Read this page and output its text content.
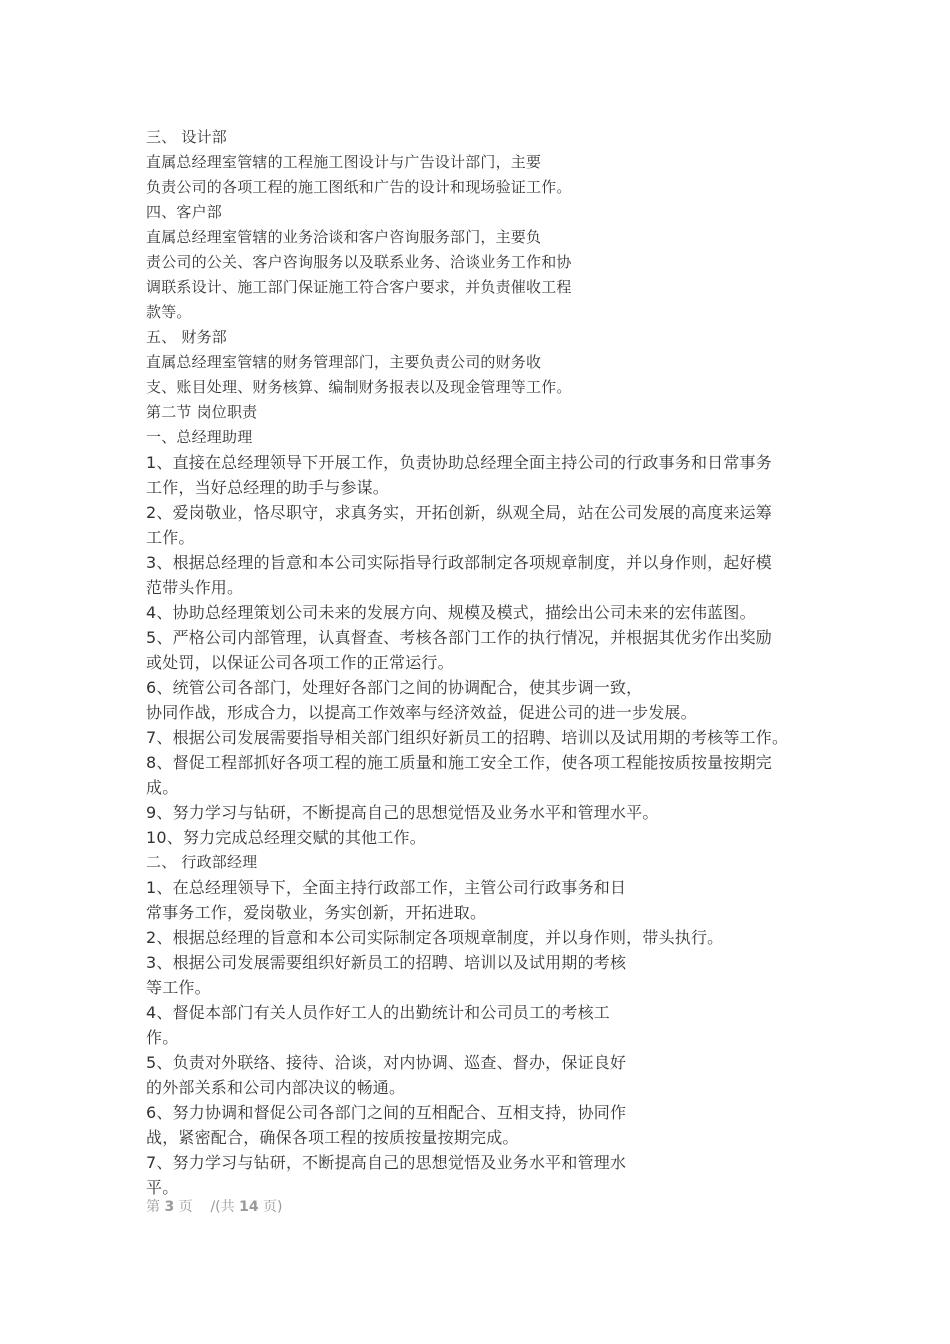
三、 设计部
直属总经理室管辖的工程施工图设计与广告设计部门，主要
负责公司的各项工程的施工图纸和广告的设计和现场验证工作。
四、客户部
直属总经理室管辖的业务洽谈和客户咨询服务部门，主要负
责公司的公关、客户咨询服务以及联系业务、洽谈业务工作和协
调联系设计、施工部门保证施工符合客户要求，并负责催收工程
款等。
五、 财务部
直属总经理室管辖的财务管理部门，主要负责公司的财务收
支、账目处理、财务核算、编制财务报表以及现金管理等工作。
第二节 岗位职责
一、总经理助理
1、直接在总经理领导下开展工作，负责协助总经理全面主持公司的行政事务和日常事务
工作，当好总经理的助手与参谋。
2、爱岗敬业，恪尽职守，求真务实，开拓创新，纵观全局，站在公司发展的高度来运筹
工作。
3、根据总经理的旨意和本公司实际指导行政部制定各项规章制度，并以身作则，起好模
范带头作用。
4、协助总经理策划公司未来的发展方向、规模及模式，描绘出公司未来的宏伟蓝图。
5、严格公司内部管理，认真督查、考核各部门工作的执行情况，并根据其优劣作出奖励
或处罚，以保证公司各项工作的正常运行。
6、统管公司各部门，处理好各部门之间的协调配合，使其步调一致，
协同作战，形成合力，以提高工作效率与经济效益，促进公司的进一步发展。
7、根据公司发展需要指导相关部门组织好新员工的招聘、培训以及试用期的考核等工作。
8、督促工程部抓好各项工程的施工质量和施工安全工作，使各项工程能按质按量按期完
成。
9、努力学习与钻研，不断提高自己的思想觉悟及业务水平和管理水平。
10、努力完成总经理交赋的其他工作。
二、 行政部经理
1、在总经理领导下，全面主持行政部工作，主管公司行政事务和日
常事务工作，爱岗敬业，务实创新，开拓进取。
2、根据总经理的旨意和本公司实际制定各项规章制度，并以身作则，带头执行。
3、根据公司发展需要组织好新员工的招聘、培训以及试用期的考核
等工作。
4、督促本部门有关人员作好工人的出勤统计和公司员工的考核工
作。
5、负责对外联络、接待、洽谈，对内协调、巡查、督办，保证良好
的外部关系和公司内部决议的畅通。
6、努力协调和督促公司各部门之间的互相配合、互相支持，协同作
战，紧密配合，确保各项工程的按质按量按期完成。
7、努力学习与钻研，不断提高自己的思想觉悟及业务水平和管理水
平。
第 3 页 /(共 14 页)
